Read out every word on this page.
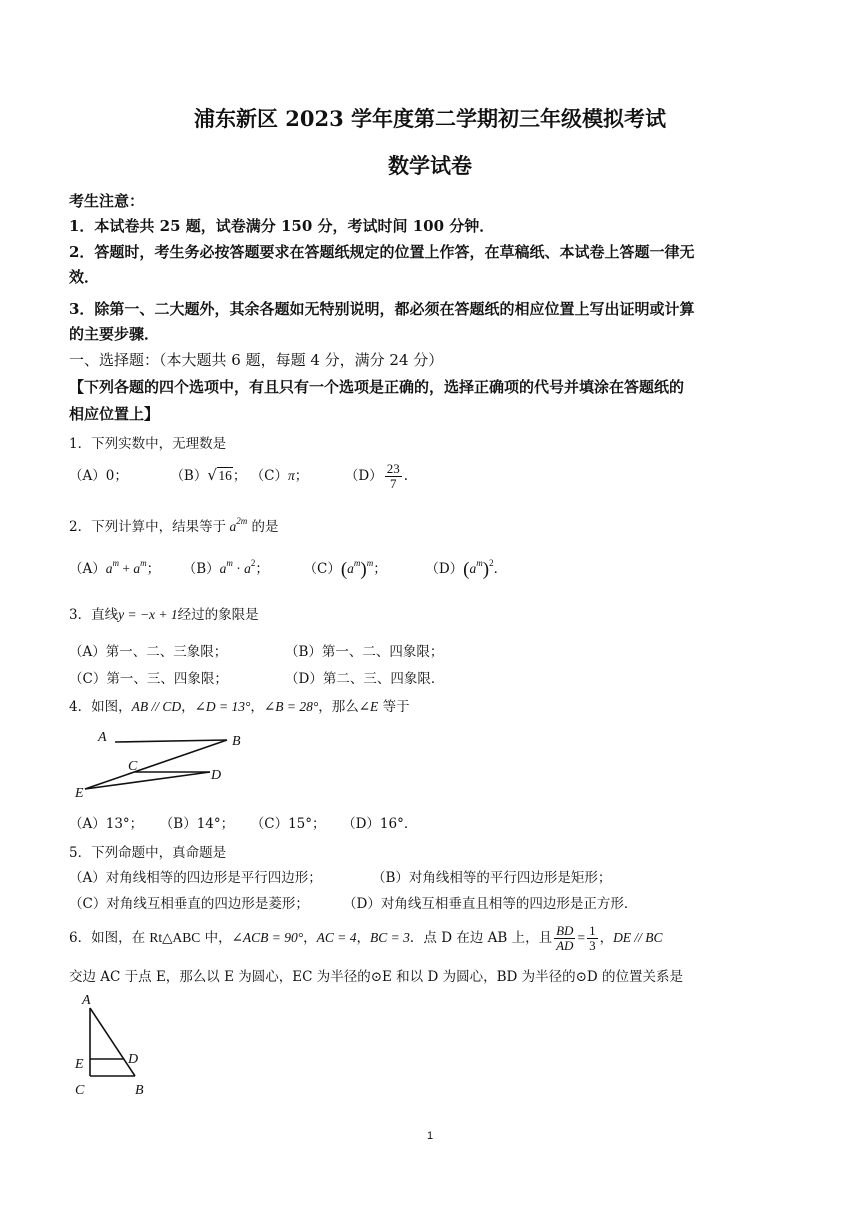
浦东新区 2023 学年度第二学期初三年级模拟考试
数学试卷
考生注意：
1．本试卷共 25 题，试卷满分 150 分，考试时间 100 分钟．
2．答题时，考生务必按答题要求在答题纸规定的位置上作答，在草稿纸、本试卷上答题一律无
效．
3．除第一、二大题外，其余各题如无特别说明，都必须在答题纸的相应位置上写出证明或计算
的主要步骤．
一、选择题：（本大题共 6 题，每题 4 分，满分 24 分）
【下列各题的四个选项中，有且只有一个选项是正确的，选择正确项的代号并填涂在答题纸的
相应位置上】
1．下列实数中，无理数是
（A）0；	（B） √ 16； （C）π；	$(D) \frac{23}{7}$ .
2．下列计算中，结果等于 $a^{2m}$ 的是
$(A)a^m + a^m$； $(B)a^m \cdot a^2$；	$(C)(a^m)^m$；	$(D)(a^m)^2$．
3．直线y = −x + 1经过的象限是
（A）第一、二、三象限；	（B）第一、二、四象限；
（C）第一、三、四象限；	（D）第二、三、四象限．
4．如图，AB // CD，∠D = 13°，∠B = 28°，那么∠E 等于
A	B
C
D
E
（A）13°； （B）14°； （C）15°； （D）16°．
5．下列命题中，真命题是
（A）对角线相等的四边形是平行四边形；	（B）对角线相等的平行四边形是矩形；
（C）对角线互相垂直的四边形是菱形；	（D）对角线互相垂直且相等的四边形是正方形．
6．如图，在 Rt△ABC 中，∠ACB = 90°，AC = 4，BC = 3．点 D 在边 AB 上，且 $\frac{BD}{AD} = \frac{1}{3}$ ，DE // BC
交边 AC 于点 E，那么以 E 为圆心，EC 为半径的⊙E 和以 D 为圆心，BD 为半径的⊙D 的位置关系是
A
E	D
C	B
1
